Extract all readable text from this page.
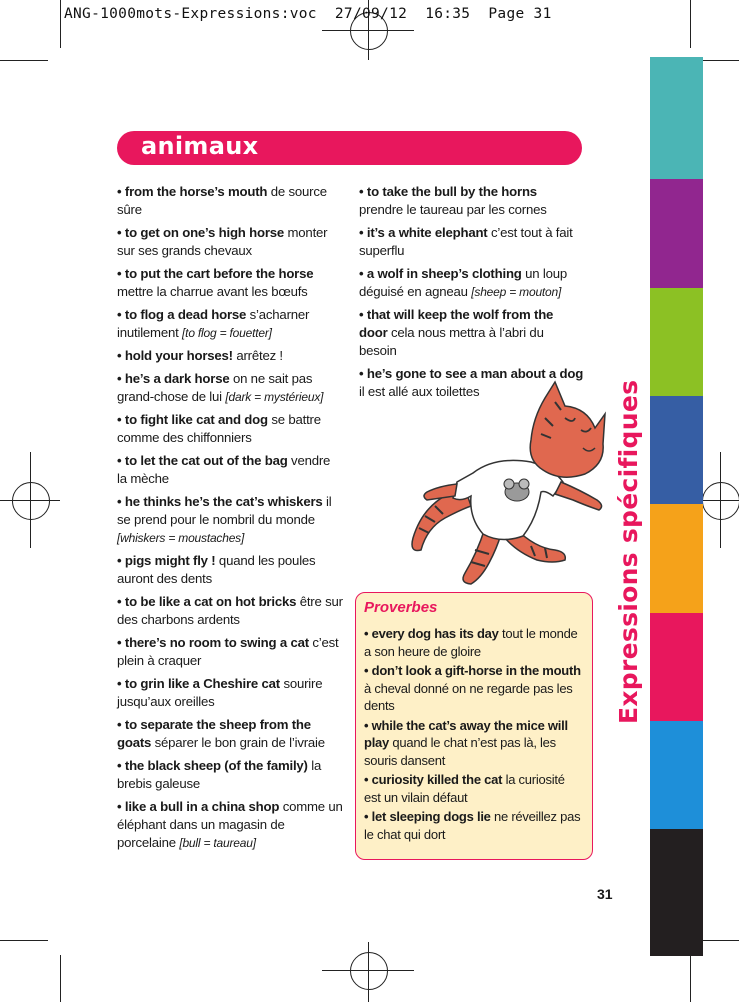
ANG-1000mots-Expressions:voc  27/09/12  16:35  Page 31
Expressions spécifiques
animaux
• from the horse’s mouth de source sûre
• to get on one’s high horse monter sur ses grands chevaux
• to put the cart before the horse mettre la charrue avant les bœufs
• to flog a dead horse s’acharner inutilement [to flog = fouetter]
• hold your horses! arrêtez !
• he’s a dark horse on ne sait pas grand-chose de lui [dark = mystérieux]
• to fight like cat and dog se battre comme des chiffonniers
• to let the cat out of the bag vendre la mèche
• he thinks he’s the cat’s whiskers il se prend pour le nombril du monde [whiskers = moustaches]
• pigs might fly ! quand les poules auront des dents
• to be like a cat on hot bricks être sur des charbons ardents
• there’s no room to swing a cat c’est plein à craquer
• to grin like a Cheshire cat sourire jusqu’aux oreilles
• to separate the sheep from the goats séparer le bon grain de l’ivraie
• the black sheep (of the family) la brebis galeuse
• like a bull in a china shop comme un éléphant dans un magasin de porcelaine [bull = taureau]
• to take the bull by the horns prendre le taureau par les cornes
• it’s a white elephant c’est tout à fait superflu
• a wolf in sheep’s clothing un loup déguisé en agneau [sheep = mouton]
• that will keep the wolf from the door cela nous mettra à l’abri du besoin
• he’s gone to see a man about a dog il est allé aux toilettes
Proverbes
• every dog has its day tout le monde a son heure de gloire
• don’t look a gift-horse in the mouth à cheval donné on ne regarde pas les dents
• while the cat’s away the mice will play quand le chat n’est pas là, les souris dansent
• curiosity killed the cat la curiosité est un vilain défaut
• let sleeping dogs lie ne réveillez pas le chat qui dort
31
